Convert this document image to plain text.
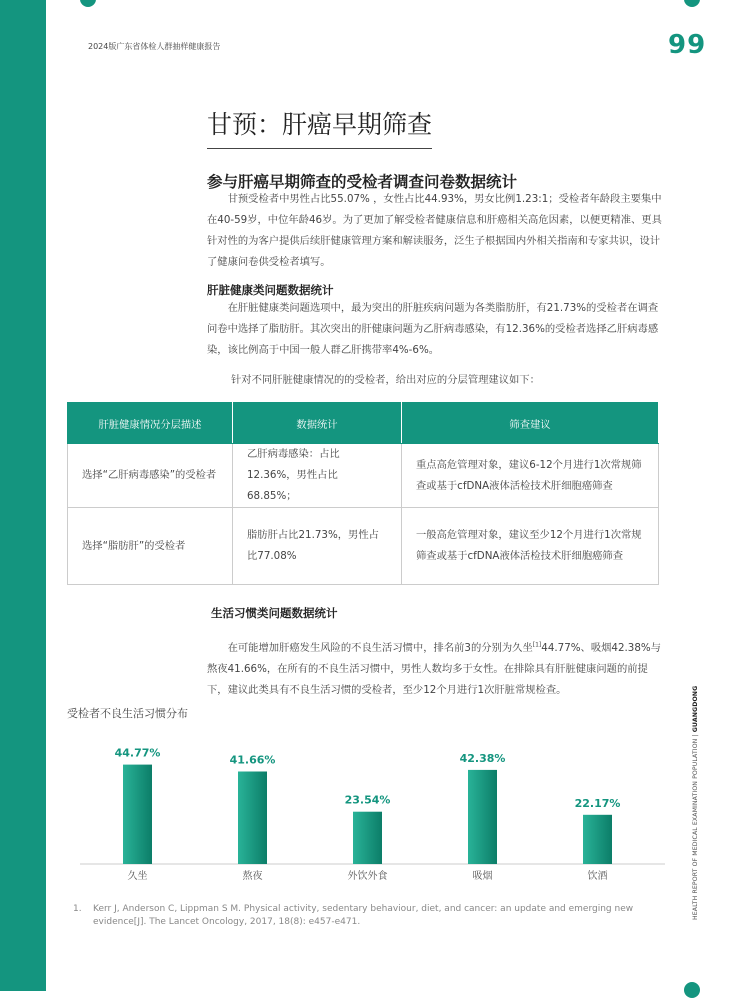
2024版广东省体检人群抽样健康报告	99
甘预：肝癌早期筛查
参与肝癌早期筛查的受检者调查问卷数据统计

甘预受检者中男性占比55.07% ，女性占比44.93%，男女比例1.23:1；受检者年龄段主要集中在40-59岁，中位年龄46岁。为了更加了解受检者健康信息和肝癌相关高危因素，以便更精准、更具针对性的为客户提供后续肝健康管理方案和解读服务，泛生子根据国内外相关指南和专家共识，设计了健康问卷供受检者填写。

肝脏健康类问题数据统计

在肝脏健康类问题选项中，最为突出的肝脏疾病问题为各类脂肪肝，有21.73%的受检者在调查问卷中选择了脂肪肝。其次突出的肝健康问题为乙肝病毒感染，有12.36%的受检者选择乙肝病毒感染，该比例高于中国一般人群乙肝携带率4%-6%。

针对不同肝脏健康情况的的受检者，给出对应的分层管理建议如下：
肝脏健康情况分层描述	数据统计	筛查建议
选择“乙肝病毒感染”的受检者	乙肝病毒感染：占比12.36%，男性占比68.85%；	重点高危管理对象，建议6-12个月进行1次常规筛查或基于cfDNA液体活检技术肝细胞癌筛查
选择“脂肪肝”的受检者	脂肪肝占比21.73%，男性占比77.08%	一般高危管理对象，建议至少12个月进行1次常规筛查或基于cfDNA液体活检技术肝细胞癌筛查
生活习惯类问题数据统计

在可能增加肝癌发生风险的不良生活习惯中，排名前3的分别为久坐[1]44.77%、吸烟42.38%与熬夜41.66%，在所有的不良生活习惯中，男性人数均多于女性。在排除具有肝脏健康问题的前提下，建议此类具有不良生活习惯的受检者，至少12个月进行1次肝脏常规检查。

受检者不良生活习惯分布
44.77%
久坐
41.66%
熬夜
23.54%
外饮外食
42.38%
吸烟
22.17%
饮酒
1. Kerr J, Anderson C, Lippman S M. Physical activity, sedentary behaviour, diet, and cancer: an update and emerging new evidence[J]. The Lancet Oncology, 2017, 18(8): e457-e471.
HEALTH REPORT OF MEDICAL EXAMINATION POPULATION | GUANGDONG
